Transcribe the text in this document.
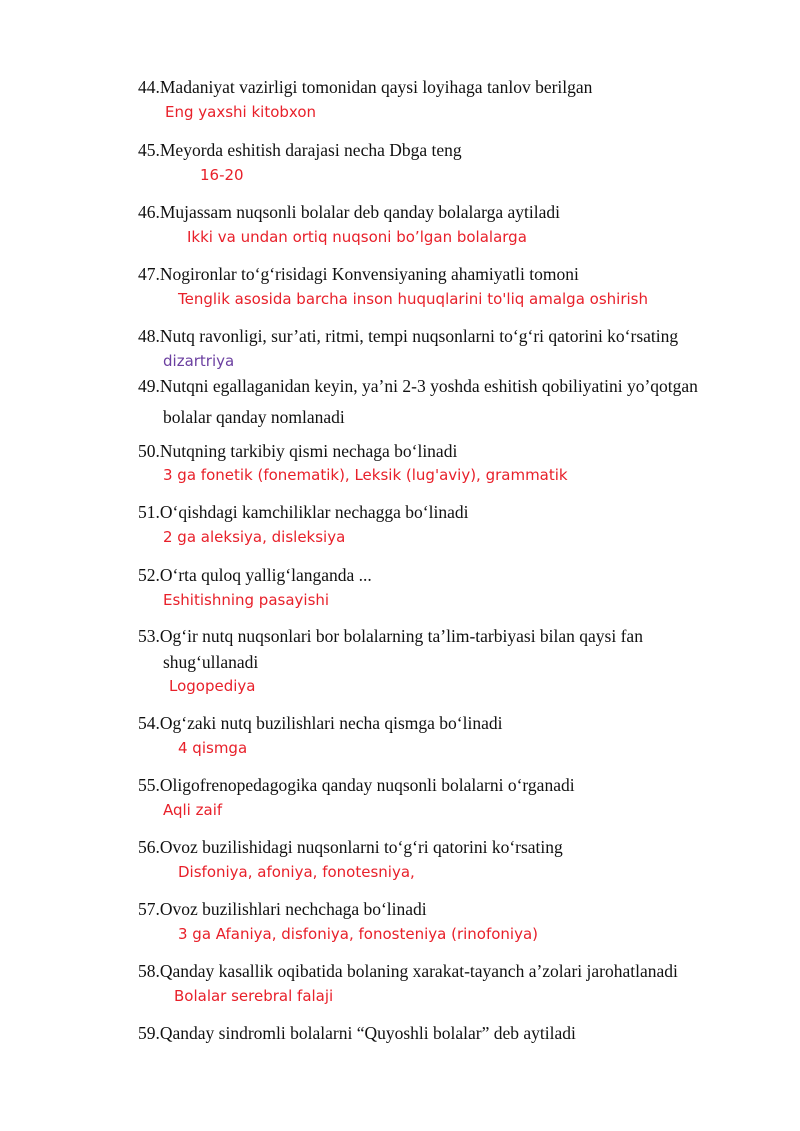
44.Madaniyat vazirligi tomonidan qaysi loyihaga tanlov berilgan
Eng yaxshi kitobxon
45.Meyorda eshitish darajasi necha Dbga teng
16-20
46.Mujassam nuqsonli bolalar deb qanday bolalarga aytiladi
Ikki va undan ortiq nuqsoni bo’lgan bolalarga
47.Nogironlar to‘g‘risidagi Konvensiyaning ahamiyatli tomoni
Tenglik asosida barcha inson huquqlarini to'liq amalga oshirish
48.Nutq ravonligi, sur’ati, ritmi, tempi nuqsonlarni to‘g‘ri qatorini ko‘rsating
dizartriya
49.Nutqni egallaganidan keyin, ya’ni 2-3 yoshda eshitish qobiliyatini yo’qotgan
bolalar qanday nomlanadi
50.Nutqning tarkibiy qismi nechaga bo‘linadi
3 ga fonetik (fonematik), Leksik (lug'aviy), grammatik
51.O‘qishdagi kamchiliklar nechagga bo‘linadi
2 ga aleksiya, disleksiya
52.O‘rta quloq yallig‘langanda ...
Eshitishning pasayishi
53.Og‘ir nutq nuqsonlari bor bolalarning ta’lim-tarbiyasi bilan qaysi fan
shug‘ullanadi
Logopediya
54.Og‘zaki nutq buzilishlari necha qismga bo‘linadi
4 qismga
55.Oligofrenopedagogika qanday nuqsonli bolalarni o‘rganadi
Aqli zaif
56.Ovoz buzilishidagi nuqsonlarni to‘g‘ri qatorini ko‘rsating
Disfoniya, afoniya, fonotesniya,
57.Ovoz buzilishlari nechchaga bo‘linadi
3 ga Afaniya, disfoniya, fonosteniya (rinofoniya)
58.Qanday kasallik oqibatida bolaning xarakat-tayanch a’zolari jarohatlanadi
Bolalar serebral falaji
59.Qanday sindromli bolalarni “Quyoshli bolalar” deb aytiladi
